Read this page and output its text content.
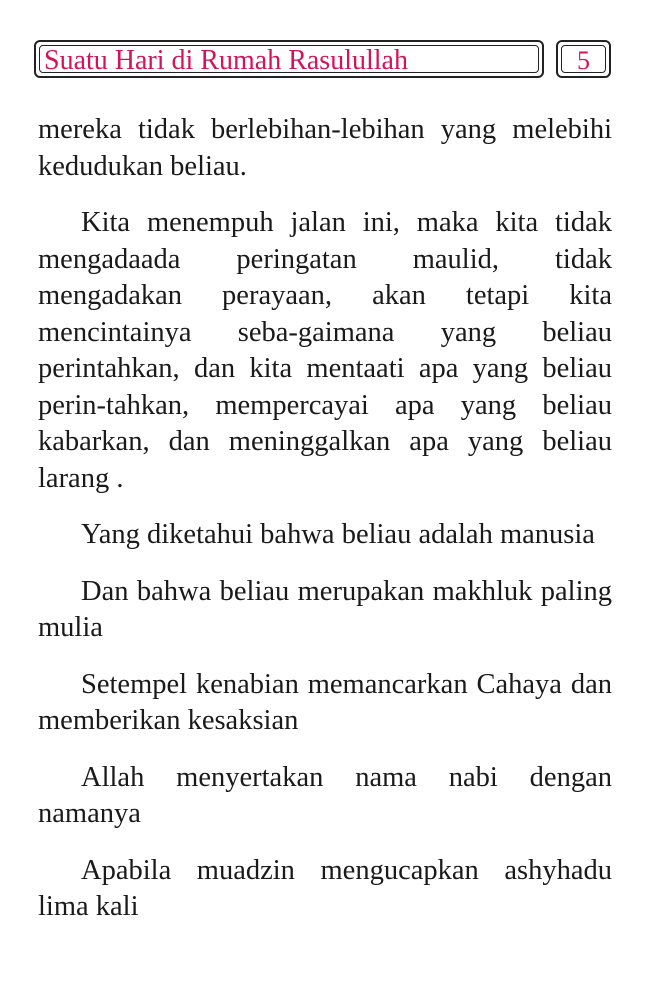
Suatu Hari di Rumah Rasulullah	5

mereka tidak berlebihan-lebihan yang melebihi kedudukan beliau.

Kita menempuh jalan ini, maka kita tidak mengadaada peringatan maulid, tidak mengadakan perayaan, akan tetapi kita mencintainya seba-gaimana yang beliau perintahkan, dan kita mentaati apa yang beliau perin-tahkan, mempercayai apa yang beliau kabarkan, dan meninggalkan apa yang beliau larang .

Yang diketahui bahwa beliau adalah manusia

Dan bahwa beliau merupakan makhluk paling mulia

Setempel kenabian memancarkan Cahaya dan memberikan kesaksian

Allah menyertakan nama nabi dengan namanya

Apabila muadzin mengucapkan ashyhadu lima kali
